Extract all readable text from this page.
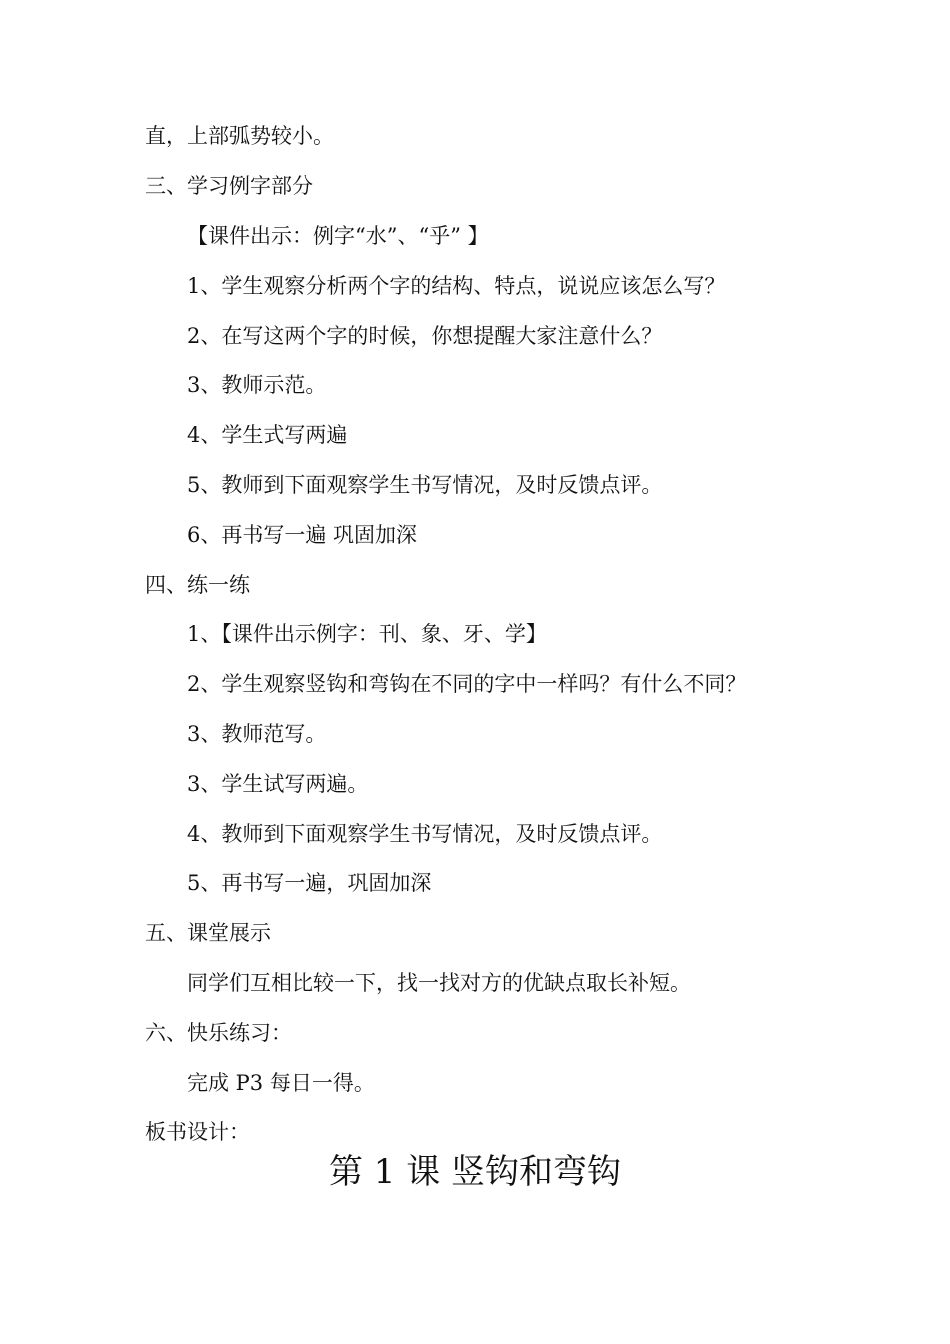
直，上部弧势较小。
三、学习例字部分
【课件出示：例字“水”、“乎” 】
1、学生观察分析两个字的结构、特点，说说应该怎么写？
2、在写这两个字的时候，你想提醒大家注意什么？
3、教师示范。
4、学生式写两遍
5、教师到下面观察学生书写情况，及时反馈点评。
6、再书写一遍 巩固加深
四、练一练
1、【课件出示例字：刊、象、牙、学】
2、学生观察竖钩和弯钩在不同的字中一样吗？有什么不同？
3、教师范写。
3、学生试写两遍。
4、教师到下面观察学生书写情况，及时反馈点评。
5、再书写一遍，巩固加深
五、课堂展示
同学们互相比较一下，找一找对方的优缺点取长补短。
六、快乐练习：
完成 P3 每日一得。
板书设计：
第 1 课 竖钩和弯钩
